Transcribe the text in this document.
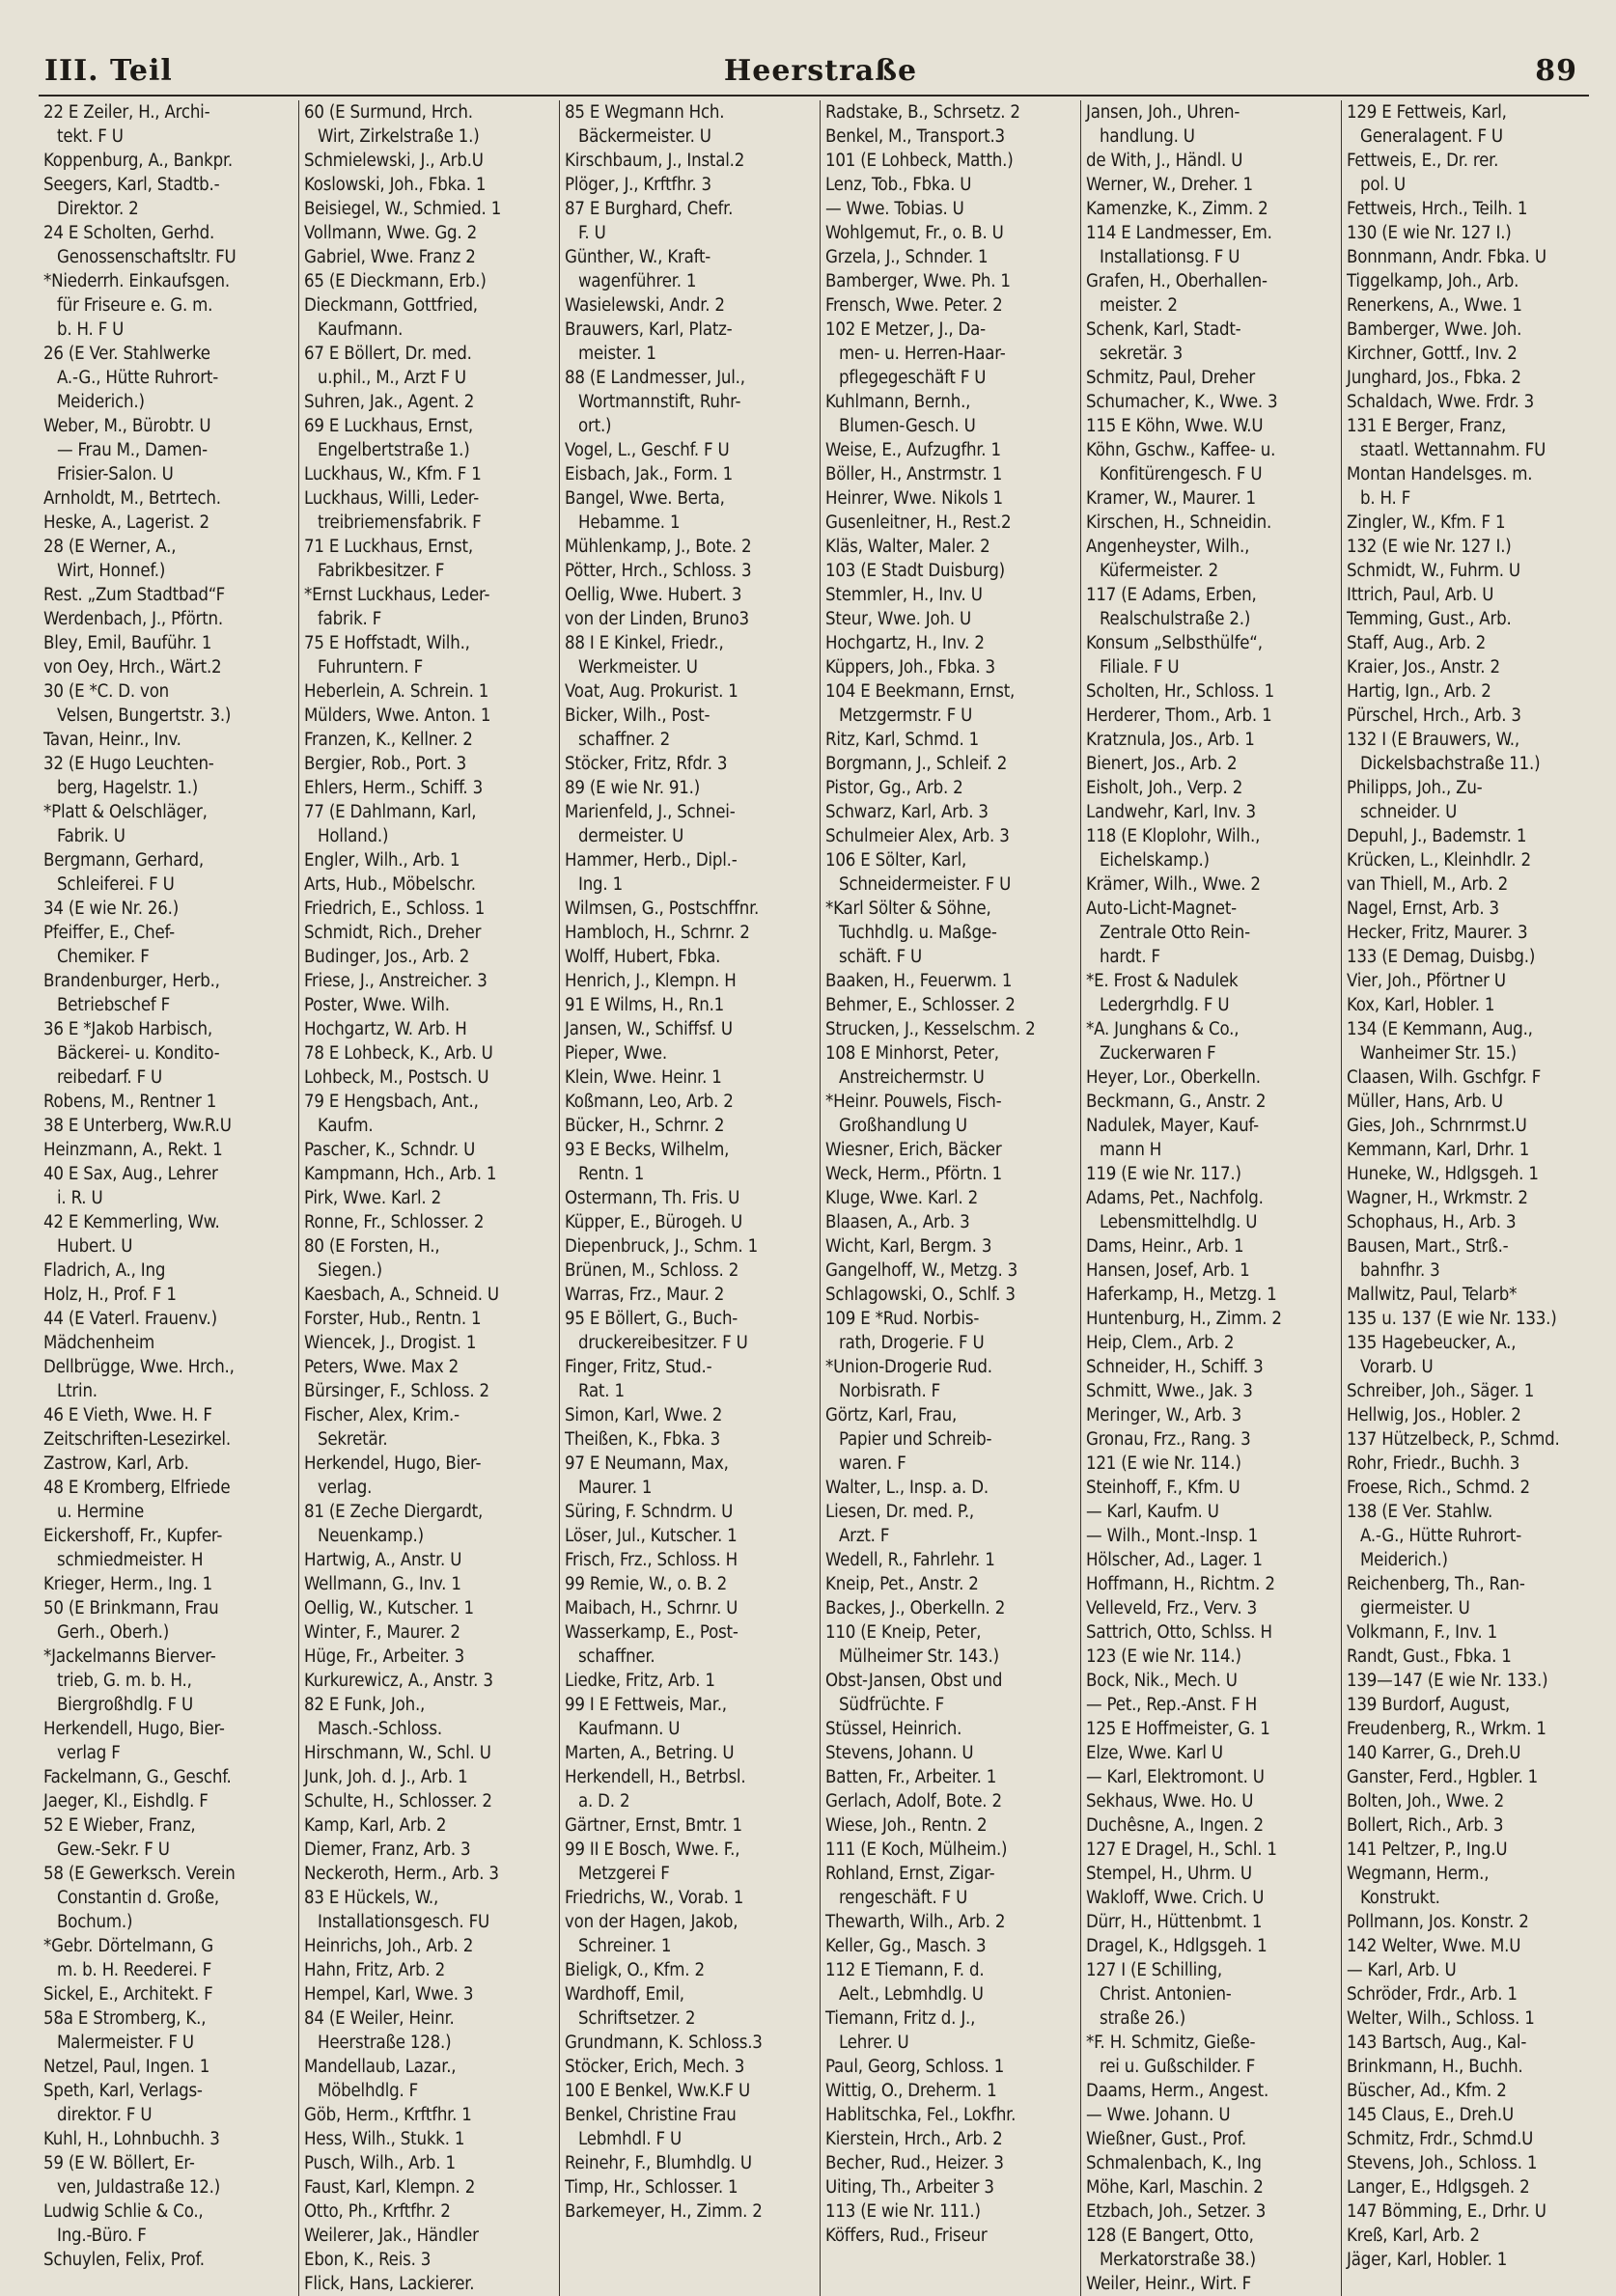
III. Teil	Heerstraße	89
22 E Zeiler, H., Archi-
tekt. F U
Koppenburg, A., Bankpr.
Seegers, Karl, Stadtb.-
Direktor. 2
24 E Scholten, Gerhd.
Genossenschaftsltr. FU
*Niederrh. Einkaufsgen.
für Friseure e. G. m.
b. H. F U
26 (E Ver. Stahlwerke
A.-G., Hütte Ruhrort-
Meiderich.)
Weber, M., Bürobtr. U
— Frau M., Damen-
Frisier-Salon. U
Arnholdt, M., Betrtech.
Heske, A., Lagerist. 2
28 (E Werner, A.,
Wirt, Honnef.)
Rest. „Zum Stadtbad“F
Werdenbach, J., Pförtn.
Bley, Emil, Bauführ. 1
von Oey, Hrch., Wärt.2
30 (E *C. D. von
Velsen, Bungertstr. 3.)
Tavan, Heinr., Inv.
32 (E Hugo Leuchten-
berg, Hagelstr. 1.)
*Platt & Oelschläger,
Fabrik. U
Bergmann, Gerhard,
Schleiferei. F U
34 (E wie Nr. 26.)
Pfeiffer, E., Chef-
Chemiker. F
Brandenburger, Herb.,
Betriebschef F
36 E *Jakob Harbisch,
Bäckerei- u. Kondito-
reibedarf. F U
Robens, M., Rentner 1
38 E Unterberg, Ww.R.U
Heinzmann, A., Rekt. 1
40 E Sax, Aug., Lehrer
i. R. U
42 E Kemmerling, Ww.
Hubert. U
Fladrich, A., Ing
Holz, H., Prof. F 1
44 (E Vaterl. Frauenv.)
Mädchenheim
Dellbrügge, Wwe. Hrch.,
Ltrin.
46 E Vieth, Wwe. H. F
Zeitschriften-Lesezirkel.
Zastrow, Karl, Arb.
48 E Kromberg, Elfriede
u. Hermine
Eickershoff, Fr., Kupfer-
schmiedmeister. H
Krieger, Herm., Ing. 1
50 (E Brinkmann, Frau
Gerh., Oberh.)
*Jackelmanns Bierver-
trieb, G. m. b. H.,
Biergroßhdlg. F U
Herkendell, Hugo, Bier-
verlag F
Fackelmann, G., Geschf.
Jaeger, Kl., Eishdlg. F
52 E Wieber, Franz,
Gew.-Sekr. F U
58 (E Gewerksch. Verein
Constantin d. Große,
Bochum.)
*Gebr. Dörtelmann, G
m. b. H. Reederei. F
Sickel, E., Architekt. F
58a E Stromberg, K.,
Malermeister. F U
Netzel, Paul, Ingen. 1
Speth, Karl, Verlags-
direktor. F U
Kuhl, H., Lohnbuchh. 3
59 (E W. Böllert, Er-
ven, Juldastraße 12.)
Ludwig Schlie & Co.,
Ing.-Büro. F
Schuylen, Felix, Prof.
60 (E Surmund, Hrch.
Wirt, Zirkelstraße 1.)
Schmielewski, J., Arb.U
Koslowski, Joh., Fbka. 1
Beisiegel, W., Schmied. 1
Vollmann, Wwe. Gg. 2
Gabriel, Wwe. Franz 2
65 (E Dieckmann, Erb.)
Dieckmann, Gottfried,
Kaufmann.
67 E Böllert, Dr. med.
u.phil., M., Arzt F U
Suhren, Jak., Agent. 2
69 E Luckhaus, Ernst,
Engelbertstraße 1.)
Luckhaus, W., Kfm. F 1
Luckhaus, Willi, Leder-
treibriemensfabrik. F
71 E Luckhaus, Ernst,
Fabrikbesitzer. F
*Ernst Luckhaus, Leder-
fabrik. F
75 E Hoffstadt, Wilh.,
Fuhruntern. F
Heberlein, A. Schrein. 1
Mülders, Wwe. Anton. 1
Franzen, K., Kellner. 2
Bergier, Rob., Port. 3
Ehlers, Herm., Schiff. 3
77 (E Dahlmann, Karl,
Holland.)
Engler, Wilh., Arb. 1
Arts, Hub., Möbelschr.
Friedrich, E., Schloss. 1
Schmidt, Rich., Dreher
Budinger, Jos., Arb. 2
Friese, J., Anstreicher. 3
Poster, Wwe. Wilh.
Hochgartz, W. Arb. H
78 E Lohbeck, K., Arb. U
Lohbeck, M., Postsch. U
79 E Hengsbach, Ant.,
Kaufm.
Pascher, K., Schndr. U
Kampmann, Hch., Arb. 1
Pirk, Wwe. Karl. 2
Ronne, Fr., Schlosser. 2
80 (E Forsten, H.,
Siegen.)
Kaesbach, A., Schneid. U
Forster, Hub., Rentn. 1
Wiencek, J., Drogist. 1
Peters, Wwe. Max 2
Bürsinger, F., Schloss. 2
Fischer, Alex, Krim.-
Sekretär.
Herkendel, Hugo, Bier-
verlag.
81 (E Zeche Diergardt,
Neuenkamp.)
Hartwig, A., Anstr. U
Wellmann, G., Inv. 1
Oellig, W., Kutscher. 1
Winter, F., Maurer. 2
Hüge, Fr., Arbeiter. 3
Kurkurewicz, A., Anstr. 3
82 E Funk, Joh.,
Masch.-Schloss.
Hirschmann, W., Schl. U
Junk, Joh. d. J., Arb. 1
Schulte, H., Schlosser. 2
Kamp, Karl, Arb. 2
Diemer, Franz, Arb. 3
Neckeroth, Herm., Arb. 3
83 E Hückels, W.,
Installationsgesch. FU
Heinrichs, Joh., Arb. 2
Hahn, Fritz, Arb. 2
Hempel, Karl, Wwe. 3
84 (E Weiler, Heinr.
Heerstraße 128.)
Mandellaub, Lazar.,
Möbelhdlg. F
Göb, Herm., Krftfhr. 1
Hess, Wilh., Stukk. 1
Pusch, Wilh., Arb. 1
Faust, Karl, Klempn. 2
Otto, Ph., Krftfhr. 2
Weilerer, Jak., Händler
Ebon, K., Reis. 3
Flick, Hans, Lackierer.
85 E Wegmann Hch.
Bäckermeister. U
Kirschbaum, J., Instal.2
Plöger, J., Krftfhr. 3
87 E Burghard, Chefr.
F. U
Günther, W., Kraft-
wagenführer. 1
Wasielewski, Andr. 2
Brauwers, Karl, Platz-
meister. 1
88 (E Landmesser, Jul.,
Wortmannstift, Ruhr-
ort.)
Vogel, L., Geschf. F U
Eisbach, Jak., Form. 1
Bangel, Wwe. Berta,
Hebamme. 1
Mühlenkamp, J., Bote. 2
Pötter, Hrch., Schloss. 3
Oellig, Wwe. Hubert. 3
von der Linden, Bruno3
88 I E Kinkel, Friedr.,
Werkmeister. U
Voat, Aug. Prokurist. 1
Bicker, Wilh., Post-
schaffner. 2
Stöcker, Fritz, Rfdr. 3
89 (E wie Nr. 91.)
Marienfeld, J., Schnei-
dermeister. U
Hammer, Herb., Dipl.-
Ing. 1
Wilmsen, G., Postschffnr.
Hambloch, H., Schrnr. 2
Wolff, Hubert, Fbka.
Henrich, J., Klempn. H
91 E Wilms, H., Rn.1
Jansen, W., Schiffsf. U
Pieper, Wwe.
Klein, Wwe. Heinr. 1
Koßmann, Leo, Arb. 2
Bücker, H., Schrnr. 2
93 E Becks, Wilhelm,
Rentn. 1
Ostermann, Th. Fris. U
Küpper, E., Bürogeh. U
Diepenbruck, J., Schm. 1
Brünen, M., Schloss. 2
Warras, Frz., Maur. 2
95 E Böllert, G., Buch-
druckereibesitzer. F U
Finger, Fritz, Stud.-
Rat. 1
Simon, Karl, Wwe. 2
Theißen, K., Fbka. 3
97 E Neumann, Max,
Maurer. 1
Süring, F. Schndrm. U
Löser, Jul., Kutscher. 1
Frisch, Frz., Schloss. H
99 Remie, W., o. B. 2
Maibach, H., Schrnr. U
Wasserkamp, E., Post-
schaffner.
Liedke, Fritz, Arb. 1
99 I E Fettweis, Mar.,
Kaufmann. U
Marten, A., Betring. U
Herkendell, H., Betrbsl.
a. D. 2
Gärtner, Ernst, Bmtr. 1
99 II E Bosch, Wwe. F.,
Metzgerei F
Friedrichs, W., Vorab. 1
von der Hagen, Jakob,
Schreiner. 1
Bieligk, O., Kfm. 2
Wardhoff, Emil,
Schriftsetzer. 2
Grundmann, K. Schloss.3
Stöcker, Erich, Mech. 3
100 E Benkel, Ww.K.F U
Benkel, Christine Frau
Lebmhdl. F U
Reinehr, F., Blumhdlg. U
Timp, Hr., Schlosser. 1
Barkemeyer, H., Zimm. 2
Radstake, B., Schrsetz. 2
Benkel, M., Transport.3
101 (E Lohbeck, Matth.)
Lenz, Tob., Fbka. U
— Wwe. Tobias. U
Wohlgemut, Fr., o. B. U
Grzela, J., Schnder. 1
Bamberger, Wwe. Ph. 1
Frensch, Wwe. Peter. 2
102 E Metzer, J., Da-
men- u. Herren-Haar-
pflegegeschäft F U
Kuhlmann, Bernh.,
Blumen-Gesch. U
Weise, E., Aufzugfhr. 1
Böller, H., Anstrmstr. 1
Heinrer, Wwe. Nikols 1
Gusenleitner, H., Rest.2
Kläs, Walter, Maler. 2
103 (E Stadt Duisburg)
Stemmler, H., Inv. U
Steur, Wwe. Joh. U
Hochgartz, H., Inv. 2
Küppers, Joh., Fbka. 3
104 E Beekmann, Ernst,
Metzgermstr. F U
Ritz, Karl, Schmd. 1
Borgmann, J., Schleif. 2
Pistor, Gg., Arb. 2
Schwarz, Karl, Arb. 3
Schulmeier Alex, Arb. 3
106 E Sölter, Karl,
Schneidermeister. F U
*Karl Sölter & Söhne,
Tuchhdlg. u. Maßge-
schäft. F U
Baaken, H., Feuerwm. 1
Behmer, E., Schlosser. 2
Strucken, J., Kesselschm. 2
108 E Minhorst, Peter,
Anstreichermstr. U
*Heinr. Pouwels, Fisch-
Großhandlung U
Wiesner, Erich, Bäcker
Weck, Herm., Pförtn. 1
Kluge, Wwe. Karl. 2
Blaasen, A., Arb. 3
Wicht, Karl, Bergm. 3
Gangelhoff, W., Metzg. 3
Schlagowski, O., Schlf. 3
109 E *Rud. Norbis-
rath, Drogerie. F U
*Union-Drogerie Rud.
Norbisrath. F
Görtz, Karl, Frau,
Papier und Schreib-
waren. F
Walter, L., Insp. a. D.
Liesen, Dr. med. P.,
Arzt. F
Wedell, R., Fahrlehr. 1
Kneip, Pet., Anstr. 2
Backes, J., Oberkelln. 2
110 (E Kneip, Peter,
Mülheimer Str. 143.)
Obst-Jansen, Obst und
Südfrüchte. F
Stüssel, Heinrich.
Stevens, Johann. U
Batten, Fr., Arbeiter. 1
Gerlach, Adolf, Bote. 2
Wiese, Joh., Rentn. 2
111 (E Koch, Mülheim.)
Rohland, Ernst, Zigar-
rengeschäft. F U
Thewarth, Wilh., Arb. 2
Keller, Gg., Masch. 3
112 E Tiemann, F. d.
Aelt., Lebmhdlg. U
Tiemann, Fritz d. J.,
Lehrer. U
Paul, Georg, Schloss. 1
Wittig, O., Dreherm. 1
Hablitschka, Fel., Lokfhr.
Kierstein, Hrch., Arb. 2
Becher, Rud., Heizer. 3
Uiting, Th., Arbeiter 3
113 (E wie Nr. 111.)
Köffers, Rud., Friseur
Jansen, Joh., Uhren-
handlung. U
de With, J., Händl. U
Werner, W., Dreher. 1
Kamenzke, K., Zimm. 2
114 E Landmesser, Em.
Installationsg. F U
Grafen, H., Oberhallen-
meister. 2
Schenk, Karl, Stadt-
sekretär. 3
Schmitz, Paul, Dreher
Schumacher, K., Wwe. 3
115 E Köhn, Wwe. W.U
Köhn, Gschw., Kaffee- u.
Konfitürengesch. F U
Kramer, W., Maurer. 1
Kirschen, H., Schneidin.
Angenheyster, Wilh.,
Küfermeister. 2
117 (E Adams, Erben,
Realschulstraße 2.)
Konsum „Selbsthülfe“,
Filiale. F U
Scholten, Hr., Schloss. 1
Herderer, Thom., Arb. 1
Kratznula, Jos., Arb. 1
Bienert, Jos., Arb. 2
Eisholt, Joh., Verp. 2
Landwehr, Karl, Inv. 3
118 (E Kloplohr, Wilh.,
Eichelskamp.)
Krämer, Wilh., Wwe. 2
Auto-Licht-Magnet-
Zentrale Otto Rein-
hardt. F
*E. Frost & Nadulek
Ledergrhdlg. F U
*A. Junghans & Co.,
Zuckerwaren F
Heyer, Lor., Oberkelln.
Beckmann, G., Anstr. 2
Nadulek, Mayer, Kauf-
mann H
119 (E wie Nr. 117.)
Adams, Pet., Nachfolg.
Lebensmittelhdlg. U
Dams, Heinr., Arb. 1
Hansen, Josef, Arb. 1
Haferkamp, H., Metzg. 1
Huntenburg, H., Zimm. 2
Heip, Clem., Arb. 2
Schneider, H., Schiff. 3
Schmitt, Wwe., Jak. 3
Meringer, W., Arb. 3
Gronau, Frz., Rang. 3
121 (E wie Nr. 114.)
Steinhoff, F., Kfm. U
— Karl, Kaufm. U
— Wilh., Mont.-Insp. 1
Hölscher, Ad., Lager. 1
Hoffmann, H., Richtm. 2
Velleveld, Frz., Verv. 3
Sattrich, Otto, Schlss. H
123 (E wie Nr. 114.)
Bock, Nik., Mech. U
— Pet., Rep.-Anst. F H
125 E Hoffmeister, G. 1
Elze, Wwe. Karl U
— Karl, Elektromont. U
Sekhaus, Wwe. Ho. U
Duchêsne, A., Ingen. 2
127 E Dragel, H., Schl. 1
Stempel, H., Uhrm. U
Wakloff, Wwe. Crich. U
Dürr, H., Hüttenbmt. 1
Dragel, K., Hdlgsgeh. 1
127 I (E Schilling,
Christ. Antonien-
straße 26.)
*F. H. Schmitz, Gieße-
rei u. Gußschilder. F
Daams, Herm., Angest.
— Wwe. Johann. U
Wießner, Gust., Prof.
Schmalenbach, K., Ing
Möhe, Karl, Maschin. 2
Etzbach, Joh., Setzer. 3
128 (E Bangert, Otto,
Merkatorstraße 38.)
Weiler, Heinr., Wirt. F
129 E Fettweis, Karl,
Generalagent. F U
Fettweis, E., Dr. rer.
pol. U
Fettweis, Hrch., Teilh. 1
130 (E wie Nr. 127 I.)
Bonnmann, Andr. Fbka. U
Tiggelkamp, Joh., Arb.
Renerkens, A., Wwe. 1
Bamberger, Wwe. Joh.
Kirchner, Gottf., Inv. 2
Junghard, Jos., Fbka. 2
Schaldach, Wwe. Frdr. 3
131 E Berger, Franz,
staatl. Wettannahm. FU
Montan Handelsges. m.
b. H. F
Zingler, W., Kfm. F 1
132 (E wie Nr. 127 I.)
Schmidt, W., Fuhrm. U
Ittrich, Paul, Arb. U
Temming, Gust., Arb.
Staff, Aug., Arb. 2
Kraier, Jos., Anstr. 2
Hartig, Ign., Arb. 2
Pürschel, Hrch., Arb. 3
132 I (E Brauwers, W.,
Dickelsbachstraße 11.)
Philipps, Joh., Zu-
schneider. U
Depuhl, J., Bademstr. 1
Krücken, L., Kleinhdlr. 2
van Thiell, M., Arb. 2
Nagel, Ernst, Arb. 3
Hecker, Fritz, Maurer. 3
133 (E Demag, Duisbg.)
Vier, Joh., Pförtner U
Kox, Karl, Hobler. 1
134 (E Kemmann, Aug.,
Wanheimer Str. 15.)
Claasen, Wilh. Gschfgr. F
Müller, Hans, Arb. U
Gies, Joh., Schrnrmst.U
Kemmann, Karl, Drhr. 1
Huneke, W., Hdlgsgeh. 1
Wagner, H., Wrkmstr. 2
Schophaus, H., Arb. 3
Bausen, Mart., Strß.-
bahnfhr. 3
Mallwitz, Paul, Telarb*
135 u. 137 (E wie Nr. 133.)
135 Hagebeucker, A.,
Vorarb. U
Schreiber, Joh., Säger. 1
Hellwig, Jos., Hobler. 2
137 Hützelbeck, P., Schmd.
Rohr, Friedr., Buchh. 3
Froese, Rich., Schmd. 2
138 (E Ver. Stahlw.
A.-G., Hütte Ruhrort-
Meiderich.)
Reichenberg, Th., Ran-
giermeister. U
Volkmann, F., Inv. 1
Randt, Gust., Fbka. 1
139—147 (E wie Nr. 133.)
139 Burdorf, August,
Freudenberg, R., Wrkm. 1
140 Karrer, G., Dreh.U
Ganster, Ferd., Hgbler. 1
Bolten, Joh., Wwe. 2
Bollert, Rich., Arb. 3
141 Peltzer, P., Ing.U
Wegmann, Herm.,
Konstrukt.
Pollmann, Jos. Konstr. 2
142 Welter, Wwe. M.U
— Karl, Arb. U
Schröder, Frdr., Arb. 1
Welter, Wilh., Schloss. 1
143 Bartsch, Aug., Kal-
Brinkmann, H., Buchh.
Büscher, Ad., Kfm. 2
145 Claus, E., Dreh.U
Schmitz, Frdr., Schmd.U
Stevens, Joh., Schloss. 1
Langer, E., Hdlgsgeh. 2
147 Bömming, E., Drhr. U
Kreß, Karl, Arb. 2
Jäger, Karl, Hobler. 1
